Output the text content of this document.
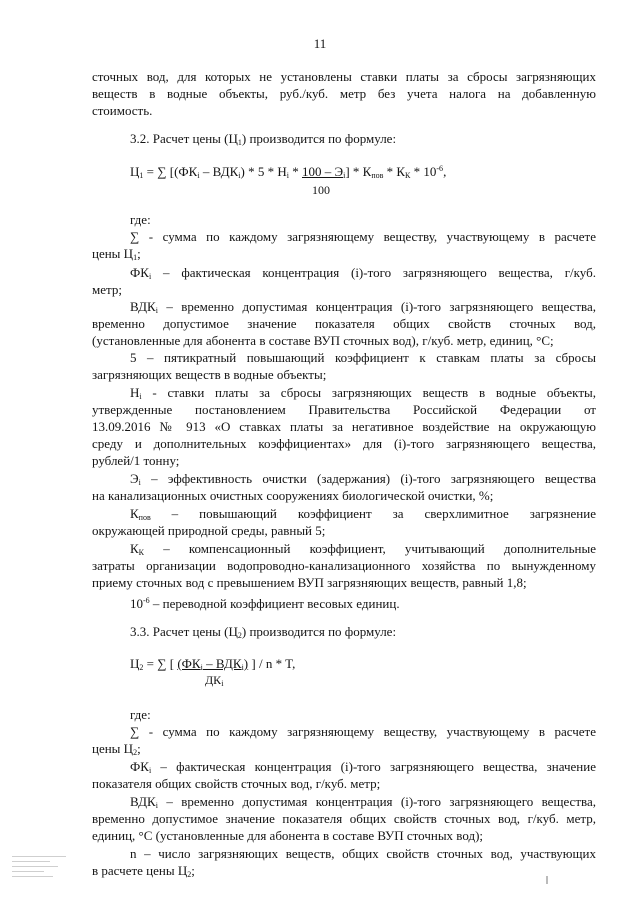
11
сточных вод, для которых не установлены ставки платы за сбросы загрязняющих
веществ в водные объекты, руб./куб. метр без учета налога на добавленную
стоимость.
3.2. Расчет цены $(Ц_1)$ производится по формуле:
$Ц_1$ = ∑ $[(ФК_i - ВДК_i) * 5 * Н_i * 100 - Э_i] * К_{пов} * К_К * 10^{-6}$,
100
где:
∑ - сумма по каждому загрязняющему веществу, участвующему в расчете
цены $Ц_1$;
$ФК_i$ – фактическая концентрация (i)-того загрязняющего вещества, г/куб.
метр;
$ВДК_i$ – временно допустимая концентрация (i)-того загрязняющего вещества,
временно допустимое значение показателя общих свойств сточных вод,
(установленные для абонента в составе ВУП сточных вод), г/куб. метр, единиц, °С;
5 – пятикратный повышающий коэффициент к ставкам платы за сбросы
загрязняющих веществ в водные объекты;
$Н_i$ - ставки платы за сбросы загрязняющих веществ в водные объекты,
утвержденные постановлением Правительства Российской Федерации от
13.09.2016 № 913 «О ставках платы за негативное воздействие на окружающую
среду и дополнительных коэффициентах» для (i)-того загрязняющего вещества,
рублей/1 тонну;
$Э_i$ – эффективность очистки (задержания) (i)-того загрязняющего вещества
на канализационных очистных сооружениях биологической очистки, %;
$К_{пов}$ – повышающий коэффициент за сверхлимитное загрязнение
окружающей природной среды, равный 5;
$К_К$ – компенсационный коэффициент, учитывающий дополнительные
затраты организации водопроводно-канализационного хозяйства по вынужденному
приему сточных вод с превышением ВУП загрязняющих веществ, равный 1,8;
$10^{-6}$ – переводной коэффициент весовых единиц.
3.3. Расчет цены $(Ц_2)$ производится по формуле:
$Ц_2$ = ∑ [ $(ФК_i - ВДК_i)$ ] / n * T,
$ДК_i$
где:
∑ - сумма по каждому загрязняющему веществу, участвующему в расчете
цены $Ц_2$;
$ФК_i$ – фактическая концентрация (i)-того загрязняющего вещества, значение
показателя общих свойств сточных вод, г/куб. метр;
$ВДК_i$ – временно допустимая концентрация (i)-того загрязняющего вещества,
временно допустимое значение показателя общих свойств сточных вод, г/куб. метр,
единиц, °С (установленные для абонента в составе ВУП сточных вод);
n – число загрязняющих веществ, общих свойств сточных вод, участвующих
в расчете цены $Ц_2$;
